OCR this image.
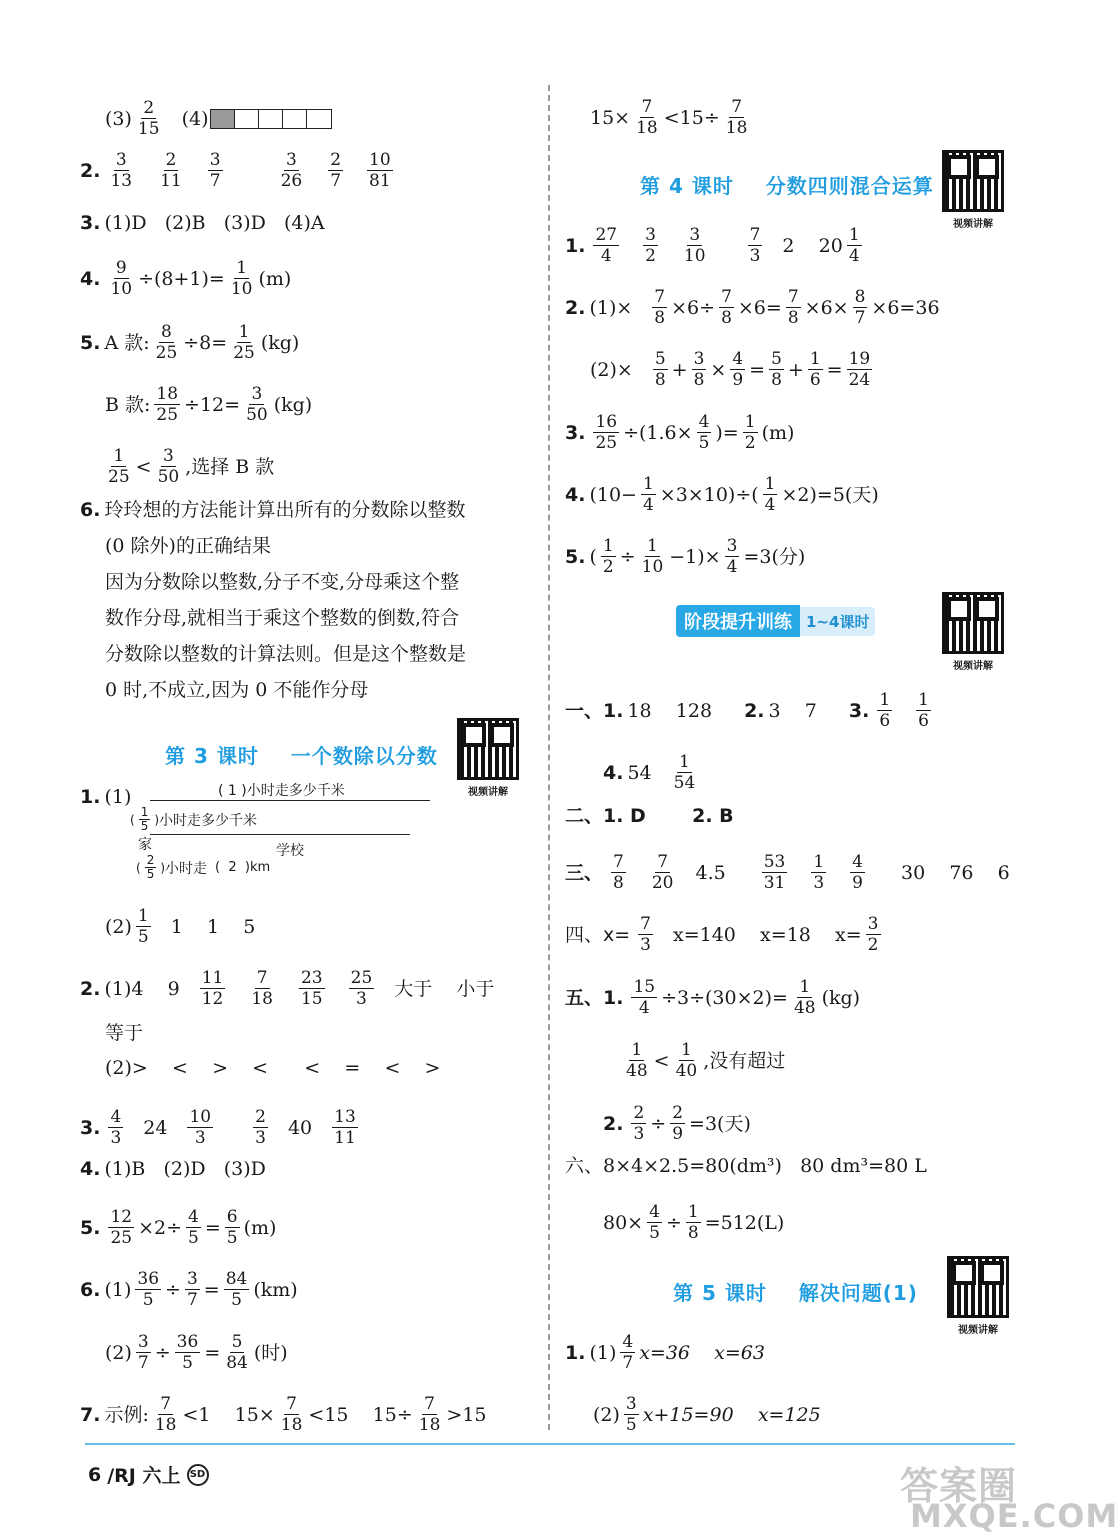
$(3) \frac{2}{15} (4)$
2. $\frac{3}{13} \frac{2}{11} \frac{3}{7}$	$\frac{3}{26} \frac{2}{7} \frac{10}{81}$
3. (1)D   (2)B   (3)D   (4)A
4. $\frac{9}{10} \div(8+1)= \frac{1}{10} (m)$
5. A 款: $\frac{8}{25} \div 8= \frac{1}{25} (kg)$
B 款: $\frac{18}{25} \div 12= \frac{3}{50} (kg)$
$\frac{1}{25} < \frac{3}{50}$ ,选择 B 款
6. 玲玲想的方法能计算出所有的分数除以整数
(0 除外)的正确结果
因为分数除以整数,分子不变,分母乘这个整
数作分母,就相当于乘这个整数的倒数,符合
分数除以整数的计算法则。但是这个整数是
0 时,不成立,因为 0 不能作分母
第 3 课时    一个数除以分数
视频讲解
1. (1)	( 1 )小时走多少千米
( $\frac{1}{5}$ ) 小时走多少千米
家	学校
( $\frac{2}{5}$ ) 小时走 (  2  )km
$(2) \frac{1}{5} 1$    1    5
2. (1)4    $9 \frac{11}{12} \frac{7}{18} \frac{23}{15} \frac{25}{3}$ 大于    小于
等于
(2)>    <    >    <      <    =    <    >
3. $\frac{4}{3} 24 \frac{10}{3} \frac{2}{3} 40 \frac{13}{11}$
4. (1)B   (2)D   (3)D
5. $\frac{12}{25} \times 2\div \frac{4}{5} = \frac{6}{5} (m)$
6. $(1) \frac{36}{5} \div \frac{3}{7} = \frac{84}{5} (km)$
$(2) \frac{3}{7} \div \frac{36}{5} = \frac{5}{84}$ (时)
7. 示例: $\frac{7}{18} <1$    $15\times \frac{7}{18} <15$    $15\div \frac{7}{18} >15$
$15\times \frac{7}{18} <15\div \frac{7}{18}$
第 4 课时    分数四则混合运算
视频讲解
1. $\frac{27}{4} \frac{3}{2} \frac{3}{10} \frac{7}{3} 2$    $20 \frac{1}{4}$
2. $(1)\times \frac{7}{8} \times 6\div \frac{7}{8} \times 6= \frac{7}{8} \times 6\times \frac{8}{7} \times 6=36$
$(2)\times \frac{5}{8} + \frac{3}{8} \times \frac{4}{9} = \frac{5}{8} + \frac{1}{6} = \frac{19}{24}$
3. $\frac{16}{25} \div(1.6\times \frac{4}{5}$ )= $\frac{1}{2} (m)$
4. $(10- \frac{1}{4} \times 3\times 10)\div( \frac{1}{4} \times 2)=5$(天)
5. ( $\frac{1}{2} \div \frac{1}{10} -1)\times \frac{3}{4} =3$(分)
视频讲解
一、1. 18    128 2. 3    7 3. $\frac{1}{6} \frac{1}{6}$
4. $54 \frac{1}{54}$
二、1. D       2. B
三、 $\frac{7}{8} \frac{7}{20} 4.5 \frac{53}{31} \frac{1}{3} \frac{4}{9} 30$    76    6
四、$x= \frac{7}{3} x=140$    x=18    $x= \frac{3}{2}$
五、1. $\frac{15}{4} \div 3\div(30\times 2)= \frac{1}{48} (kg)$
$\frac{1}{48} < \frac{1}{40}$ ,没有超过
2. $\frac{2}{3} \div \frac{2}{9} =3$(天)
六、8×4×2.5=80(dm³)   80 dm³=80 L
$80\times \frac{4}{5} \div \frac{1}{8} =512(L)$
第 5 课时    解决问题(1)
视频讲解
1. $(1) \frac{4}{7} x=36$    x=63
$(2) \frac{3}{5} x+15=90$    x=125
阶段提升训练 1~4课时
6 /RJ 六上 SD	答案圈
MXQE.COM
